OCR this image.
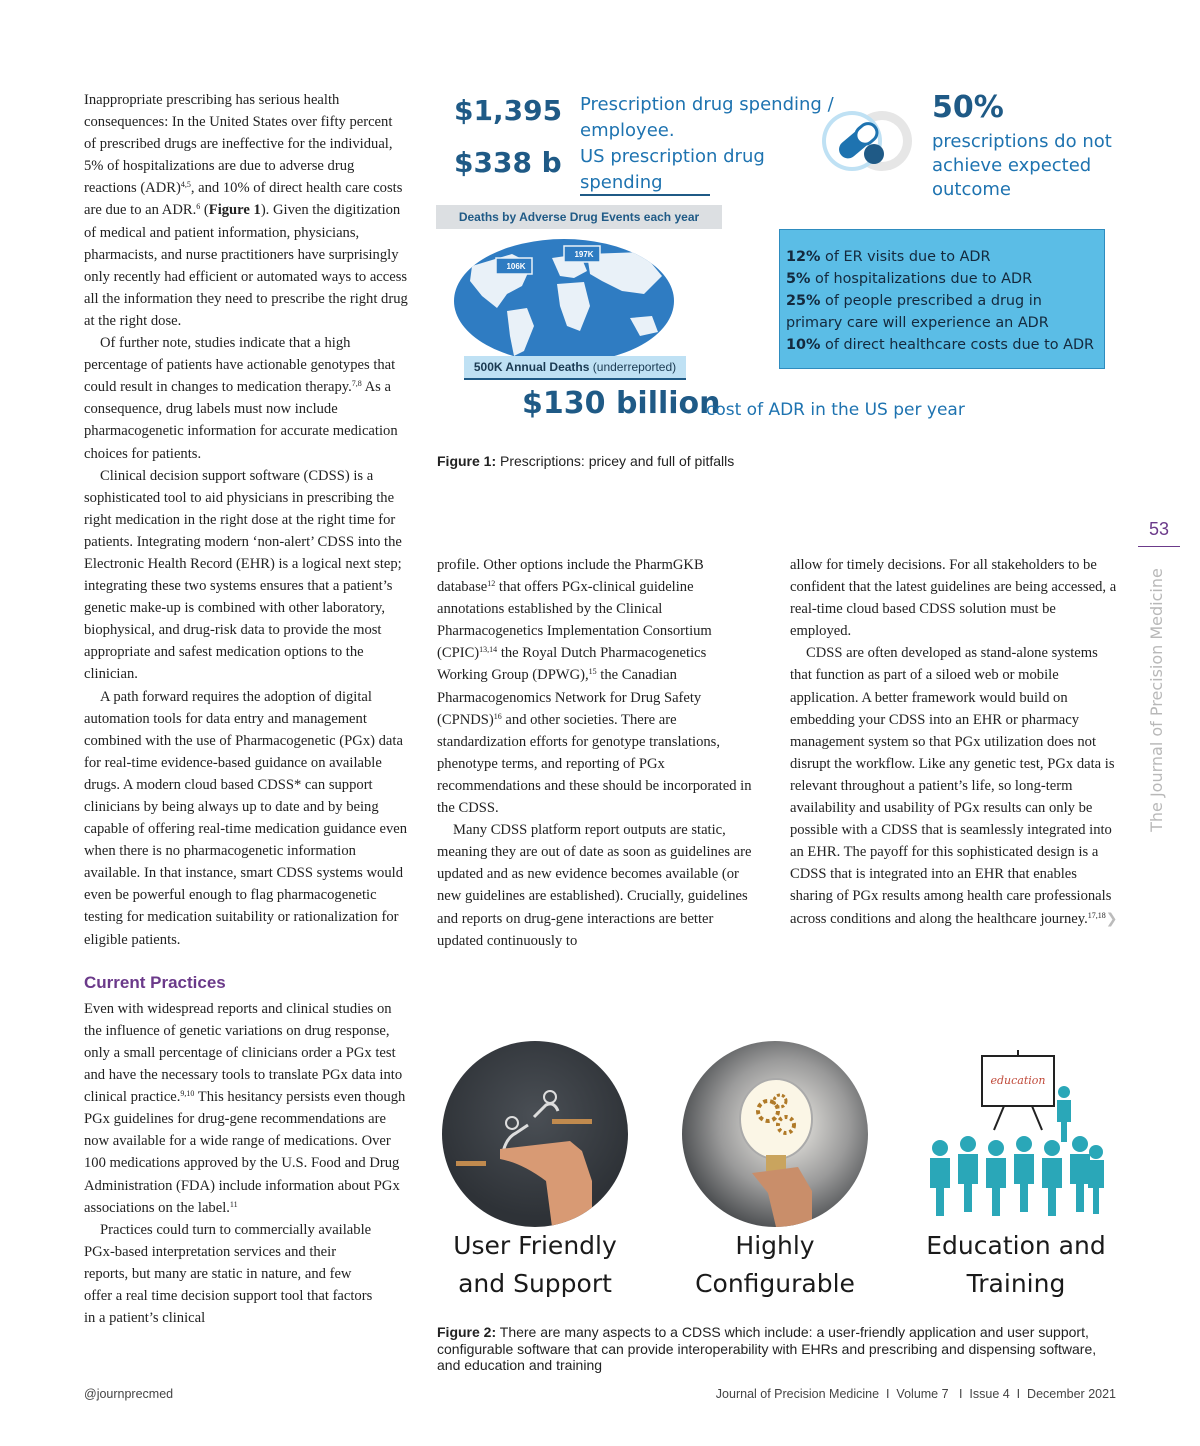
Inappropriate prescribing has serious health consequences: In the United States over fifty percent of prescribed drugs are ineffective for the individual, 5% of hospitalizations are due to adverse drug reactions (ADR)$^{4,5}$, and 10% of direct health care costs are due to an ADR.$^6$ (Figure 1). Given the digitization of medical and patient information, physicians, pharmacists, and nurse practitioners have surprisingly only recently had efficient or automated ways to access all the information they need to prescribe the right drug at the right dose.

Of further note, studies indicate that a high percentage of patients have actionable genotypes that could result in changes to medication therapy.$^{7,8}$ As a consequence, drug labels must now include pharmacogenetic information for accurate medication choices for patients.

Clinical decision support software (CDSS) is a sophisticated tool to aid physicians in prescribing the right medication in the right dose at the right time for patients. Integrating modern ‘non-alert’ CDSS into the Electronic Health Record (EHR) is a logical next step; integrating these two systems ensures that a patient’s genetic make-up is combined with other laboratory, biophysical, and drug-risk data to provide the most appropriate and safest medication options to the clinician.

A path forward requires the adoption of digital automation tools for data entry and management combined with the use of Pharmacogenetic (PGx) data for real-time evidence-based guidance on available drugs. A modern cloud based CDSS* can support clinicians by being always up to date and by being capable of offering real-time medication guidance even when there is no pharmacogenetic information available. In that instance, smart CDSS systems would even be powerful enough to flag pharmacogenetic testing for medication suitability or rationalization for eligible patients.

Current Practices

Even with widespread reports and clinical studies on the influence of genetic variations on drug response, only a small percentage of clinicians order a PGx test and have the necessary tools to translate PGx data into clinical practice.$^{9,10}$ This hesitancy persists even though PGx guidelines for drug-gene recommendations are now available for a wide range of medications. Over 100 medications approved by the U.S. Food and Drug Administration (FDA) include information about PGx associations on the label.$^{11}$

Practices could turn to commercially available PGx-based interpretation services and their reports, but many are static in nature, and few offer a real time decision support tool that factors in a patient’s clinical

profile. Other options include the PharmGKB database$^{12}$ that offers PGx-clinical guideline annotations established by the Clinical Pharmacogenetics Implementation Consortium (CPIC)$^{13,14}$ the Royal Dutch Pharmacogenetics Working Group (DPWG),$^{15}$ the Canadian Pharmacogenomics Network for Drug Safety (CPNDS)$^{16}$ and other societies. There are standardization efforts for genotype translations, phenotype terms, and reporting of PGx recommendations and these should be incorporated in the CDSS.

Many CDSS platform report outputs are static, meaning they are out of date as soon as guidelines are updated and as new evidence becomes available (or new guidelines are established). Crucially, guidelines and reports on drug-gene interactions are better updated continuously to

allow for timely decisions. For all stakeholders to be confident that the latest guidelines are being accessed, a real-time cloud based CDSS solution must be employed.

CDSS are often developed as stand-alone systems that function as part of a siloed web or mobile application. A better framework would build on embedding your CDSS into an EHR or pharmacy management system so that PGx utilization does not disrupt the workflow. Like any genetic test, PGx data is relevant throughout a patient’s life, so long-term availability and usability of PGx results can only be possible with a CDSS that is seamlessly integrated into an EHR. The payoff for this sophisticated design is a CDSS that is integrated into an EHR that enables sharing of PGx results among health care professionals across conditions and along the healthcare journey.$^{17,18}$❯

$1,395 Prescription drug spending /
employee.
$338 b US prescription drug
spending
50%
prescriptions do not
achieve expected
outcome
Deaths by Adverse Drug Events each year
106K
197K
500K Annual Deaths (underreported)
12% of ER visits due to ADR
5% of hospitalizations due to ADR
25% of people prescribed a drug in
primary care will experience an ADR
10% of direct healthcare costs due to ADR
$130 billion
cost of ADR in the US per year
Figure 1: Prescriptions: pricey and full of pitfalls
53
The Journal of Precision Medicine
education
User Friendly
and Support
Highly
Configurable
Education and
Training
Figure 2: There are many aspects to a CDSS which include: a user-friendly application and user support, configurable software that can provide interoperability with EHRs and prescribing and dispensing software, and education and training
@journprecmed	Journal of Precision Medicine  I  Volume 7   I  Issue 4  I  December 2021
